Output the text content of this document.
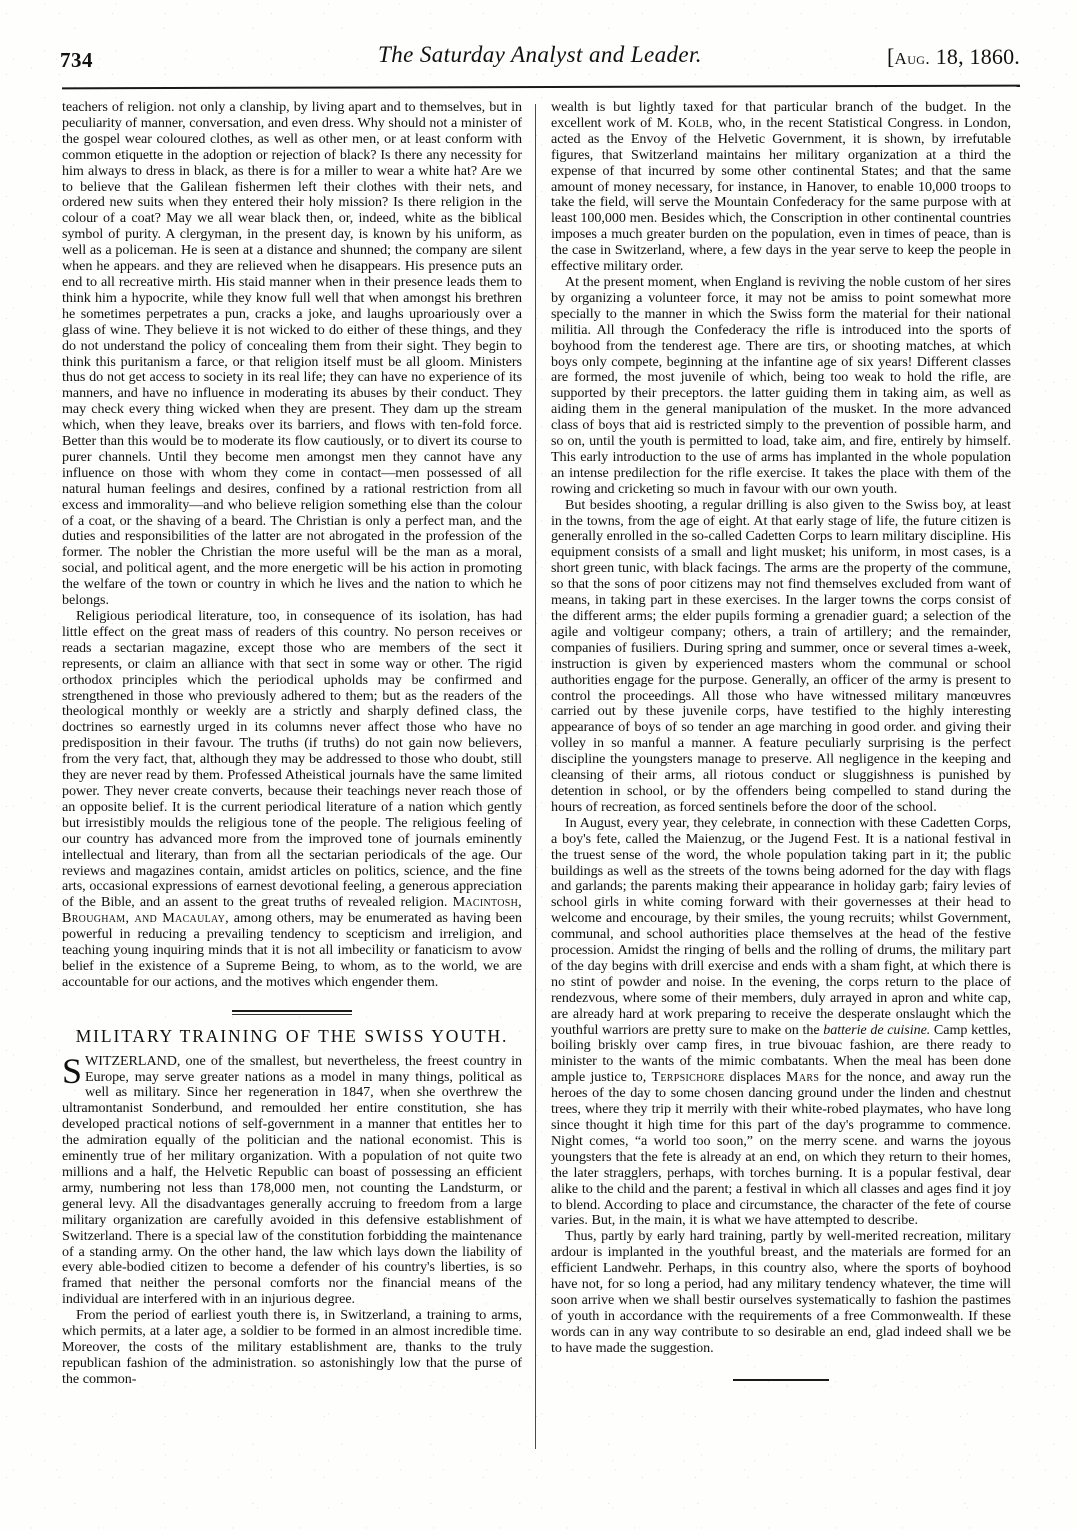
734	The Saturday Analyst and Leader.	[Aug. 18, 1860.

teachers of religion. not only a clanship, by living apart and to themselves, but in peculiarity of manner, conversation, and even dress. Why should not a minister of the gospel wear coloured clothes, as well as other men, or at least conform with common etiquette in the adoption or rejection of black? Is there any necessity for him always to dress in black, as there is for a miller to wear a white hat? Are we to believe that the Galilean fishermen left their clothes with their nets, and ordered new suits when they entered their holy mission? Is there religion in the colour of a coat? May we all wear black then, or, indeed, white as the biblical symbol of purity. A clergyman, in the present day, is known by his uniform, as well as a policeman. He is seen at a distance and shunned; the company are silent when he appears. and they are relieved when he disappears. His presence puts an end to all recreative mirth. His staid manner when in their presence leads them to think him a hypocrite, while they know full well that when amongst his brethren he sometimes perpetrates a pun, cracks a joke, and laughs uproariously over a glass of wine. They believe it is not wicked to do either of these things, and they do not understand the policy of concealing them from their sight. They begin to think this puritanism a farce, or that religion itself must be all gloom. Ministers thus do not get access to society in its real life; they can have no experience of its manners, and have no influence in moderating its abuses by their conduct. They may check every thing wicked when they are present. They dam up the stream which, when they leave, breaks over its barriers, and flows with ten-fold force. Better than this would be to moderate its flow cautiously, or to divert its course to purer channels. Until they become men amongst men they cannot have any influence on those with whom they come in contact—men possessed of all natural human feelings and desires, confined by a rational restriction from all excess and immorality—and who believe religion something else than the colour of a coat, or the shaving of a beard. The Christian is only a perfect man, and the duties and responsibilities of the latter are not abrogated in the profession of the former. The nobler the Christian the more useful will be the man as a moral, social, and political agent, and the more energetic will be his action in promoting the welfare of the town or country in which he lives and the nation to which he belongs.

Religious periodical literature, too, in consequence of its isolation, has had little effect on the great mass of readers of this country. No person receives or reads a sectarian magazine, except those who are members of the sect it represents, or claim an alliance with that sect in some way or other. The rigid orthodox principles which the periodical upholds may be confirmed and strengthened in those who previously adhered to them; but as the readers of the theological monthly or weekly are a strictly and sharply defined class, the doctrines so earnestly urged in its columns never affect those who have no predisposition in their favour. The truths (if truths) do not gain now believers, from the very fact, that, although they may be addressed to those who doubt, still they are never read by them. Professed Atheistical journals have the same limited power. They never create converts, because their teachings never reach those of an opposite belief. It is the current periodical literature of a nation which gently but irresistibly moulds the religious tone of the people. The religious feeling of our country has advanced more from the improved tone of journals eminently intellectual and literary, than from all the sectarian periodicals of the age. Our reviews and magazines contain, amidst articles on politics, science, and the fine arts, occasional expressions of earnest devotional feeling, a generous appreciation of the Bible, and an assent to the great truths of revealed religion. Macintosh, Brougham, and Macaulay, among others, may be enumerated as having been powerful in reducing a prevailing tendency to scepticism and irreligion, and teaching young inquiring minds that it is not all imbecility or fanaticism to avow belief in the existence of a Supreme Being, to whom, as to the world, we are accountable for our actions, and the motives which engender them.

MILITARY TRAINING OF THE SWISS YOUTH.

SWITZERLAND, one of the smallest, but nevertheless, the freest country in Europe, may serve greater nations as a model in many things, political as well as military. Since her regeneration in 1847, when she overthrew the ultramontanist Sonderbund, and remoulded her entire constitution, she has developed practical notions of self-government in a manner that entitles her to the admiration equally of the politician and the national economist. This is eminently true of her military organization. With a population of not quite two millions and a half, the Helvetic Republic can boast of possessing an efficient army, numbering not less than 178,000 men, not counting the Landsturm, or general levy. All the disadvantages generally accruing to freedom from a large military organization are carefully avoided in this defensive establishment of Switzerland. There is a special law of the constitution forbidding the maintenance of a standing army. On the other hand, the law which lays down the liability of every able-bodied citizen to become a defender of his country's liberties, is so framed that neither the personal comforts nor the financial means of the individual are interfered with in an injurious degree.

From the period of earliest youth there is, in Switzerland, a training to arms, which permits, at a later age, a soldier to be formed in an almost incredible time. Moreover, the costs of the military establishment are, thanks to the truly republican fashion of the administration. so astonishingly low that the purse of the common-

wealth is but lightly taxed for that particular branch of the budget. In the excellent work of M. Kolb, who, in the recent Statistical Congress. in London, acted as the Envoy of the Helvetic Government, it is shown, by irrefutable figures, that Switzerland maintains her military organization at a third the expense of that incurred by some other continental States; and that the same amount of money necessary, for instance, in Hanover, to enable 10,000 troops to take the field, will serve the Mountain Confederacy for the same purpose with at least 100,000 men. Besides which, the Conscription in other continental countries imposes a much greater burden on the population, even in times of peace, than is the case in Switzerland, where, a few days in the year serve to keep the people in effective military order.

At the present moment, when England is reviving the noble custom of her sires by organizing a volunteer force, it may not be amiss to point somewhat more specially to the manner in which the Swiss form the material for their national militia. All through the Confederacy the rifle is introduced into the sports of boyhood from the tenderest age. There are tirs, or shooting matches, at which boys only compete, beginning at the infantine age of six years! Different classes are formed, the most juvenile of which, being too weak to hold the rifle, are supported by their preceptors. the latter guiding them in taking aim, as well as aiding them in the general manipulation of the musket. In the more advanced class of boys that aid is restricted simply to the prevention of possible harm, and so on, until the youth is permitted to load, take aim, and fire, entirely by himself. This early introduction to the use of arms has implanted in the whole population an intense predilection for the rifle exercise. It takes the place with them of the rowing and cricketing so much in favour with our own youth.

But besides shooting, a regular drilling is also given to the Swiss boy, at least in the towns, from the age of eight. At that early stage of life, the future citizen is generally enrolled in the so-called Cadetten Corps to learn military discipline. His equipment consists of a small and light musket; his uniform, in most cases, is a short green tunic, with black facings. The arms are the property of the commune, so that the sons of poor citizens may not find themselves excluded from want of means, in taking part in these exercises. In the larger towns the corps consist of the different arms; the elder pupils forming a grenadier guard; a selection of the agile and voltigeur company; others, a train of artillery; and the remainder, companies of fusiliers. During spring and summer, once or several times a-week, instruction is given by experienced masters whom the communal or school authorities engage for the purpose. Generally, an officer of the army is present to control the proceedings. All those who have witnessed military manœuvres carried out by these juvenile corps, have testified to the highly interesting appearance of boys of so tender an age marching in good order. and giving their volley in so manful a manner. A feature peculiarly surprising is the perfect discipline the youngsters manage to preserve. All negligence in the keeping and cleansing of their arms, all riotous conduct or sluggishness is punished by detention in school, or by the offenders being compelled to stand during the hours of recreation, as forced sentinels before the door of the school.

In August, every year, they celebrate, in connection with these Cadetten Corps, a boy's fete, called the Maienzug, or the Jugend Fest. It is a national festival in the truest sense of the word, the whole population taking part in it; the public buildings as well as the streets of the towns being adorned for the day with flags and garlands; the parents making their appearance in holiday garb; fairy levies of school girls in white coming forward with their governesses at their head to welcome and encourage, by their smiles, the young recruits; whilst Government, communal, and school authorities place themselves at the head of the festive procession. Amidst the ringing of bells and the rolling of drums, the military part of the day begins with drill exercise and ends with a sham fight, at which there is no stint of powder and noise. In the evening, the corps return to the place of rendezvous, where some of their members, duly arrayed in apron and white cap, are already hard at work preparing to receive the desperate onslaught which the youthful warriors are pretty sure to make on the batterie de cuisine. Camp kettles, boiling briskly over camp fires, in true bivouac fashion, are there ready to minister to the wants of the mimic combatants. When the meal has been done ample justice to, Terpsichore displaces Mars for the nonce, and away run the heroes of the day to some chosen dancing ground under the linden and chestnut trees, where they trip it merrily with their white-robed playmates, who have long since thought it high time for this part of the day's programme to commence. Night comes, “a world too soon,” on the merry scene. and warns the joyous youngsters that the fete is already at an end, on which they return to their homes, the later stragglers, perhaps, with torches burning. It is a popular festival, dear alike to the child and the parent; a festival in which all classes and ages find it joy to blend. According to place and circumstance, the character of the fete of course varies. But, in the main, it is what we have attempted to describe.

Thus, partly by early hard training, partly by well-merited recreation, military ardour is implanted in the youthful breast, and the materials are formed for an efficient Landwehr. Perhaps, in this country also, where the sports of boyhood have not, for so long a period, had any military tendency whatever, the time will soon arrive when we shall bestir ourselves systematically to fashion the pastimes of youth in accordance with the requirements of a free Commonwealth. If these words can in any way contribute to so desirable an end, glad indeed shall we be to have made the suggestion.
